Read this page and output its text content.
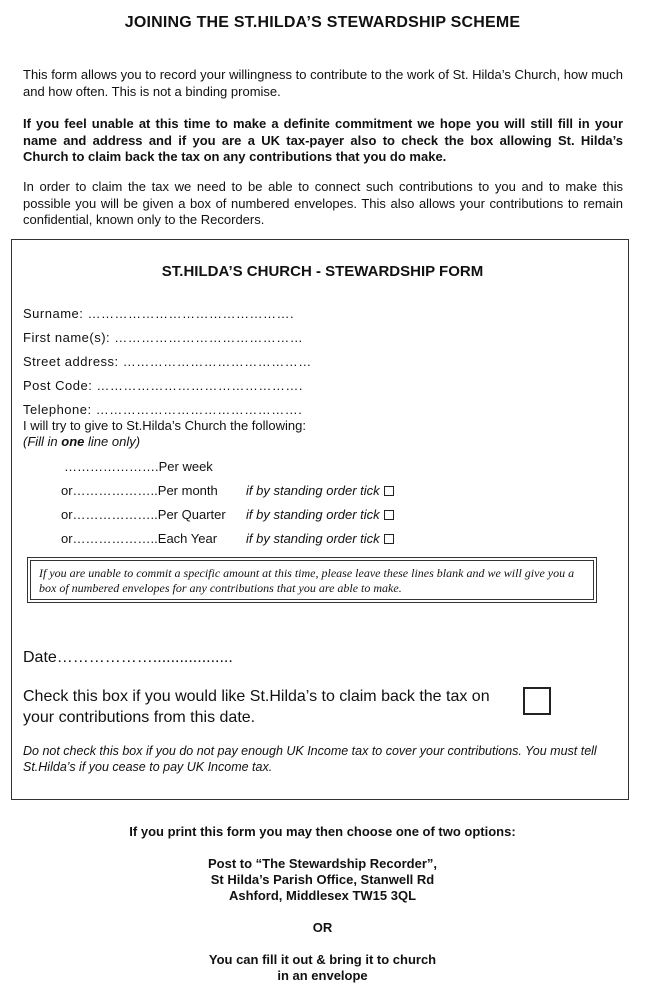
JOINING THE ST.HILDA’S STEWARDSHIP SCHEME
This form allows you to record your willingness to contribute to the work of St. Hilda’s Church, how much and how often. This is not a binding promise.
If you feel unable at this time to make a definite commitment we hope you will still fill in your name and address and if you are a UK tax-payer also to check the box allowing St. Hilda’s Church to claim back the tax on any contributions that you do make.
In order to claim the tax we need to be able to connect such contributions to you and to make this possible you will be given a box of numbered envelopes. This also allows your contributions to remain confidential, known only to the Recorders.
ST.HILDA’S CHURCH - STEWARDSHIP FORM
Surname: ……………………………………….
First name(s): ……………………………………
Street address: ……………………………………
Post Code: ……………………………………….
Telephone: ……………………………………….
I will try to give to St.Hilda’s Church the following:
(Fill in one line only)
………………….Per week
or………………..Per month if by standing order tick
or………………..Per Quarter if by standing order tick
or………………..Each Year if by standing order tick
If you are unable to commit a specific amount at this time, please leave these lines blank and we will give you a box of numbered envelopes for any contributions that you are able to make.
Date………………..................
Check this box if you would like St.Hilda’s to claim back the tax on your contributions from this date.
Do not check this box if you do not pay enough UK Income tax to cover your contributions. You must tell St.Hilda’s if you cease to pay UK Income tax.
If you print this form you may then choose one of two options:
Post to “The Stewardship Recorder”,
St Hilda’s Parish Office, Stanwell Rd
Ashford, Middlesex TW15 3QL
OR
You can fill it out & bring it to church
in an envelope
